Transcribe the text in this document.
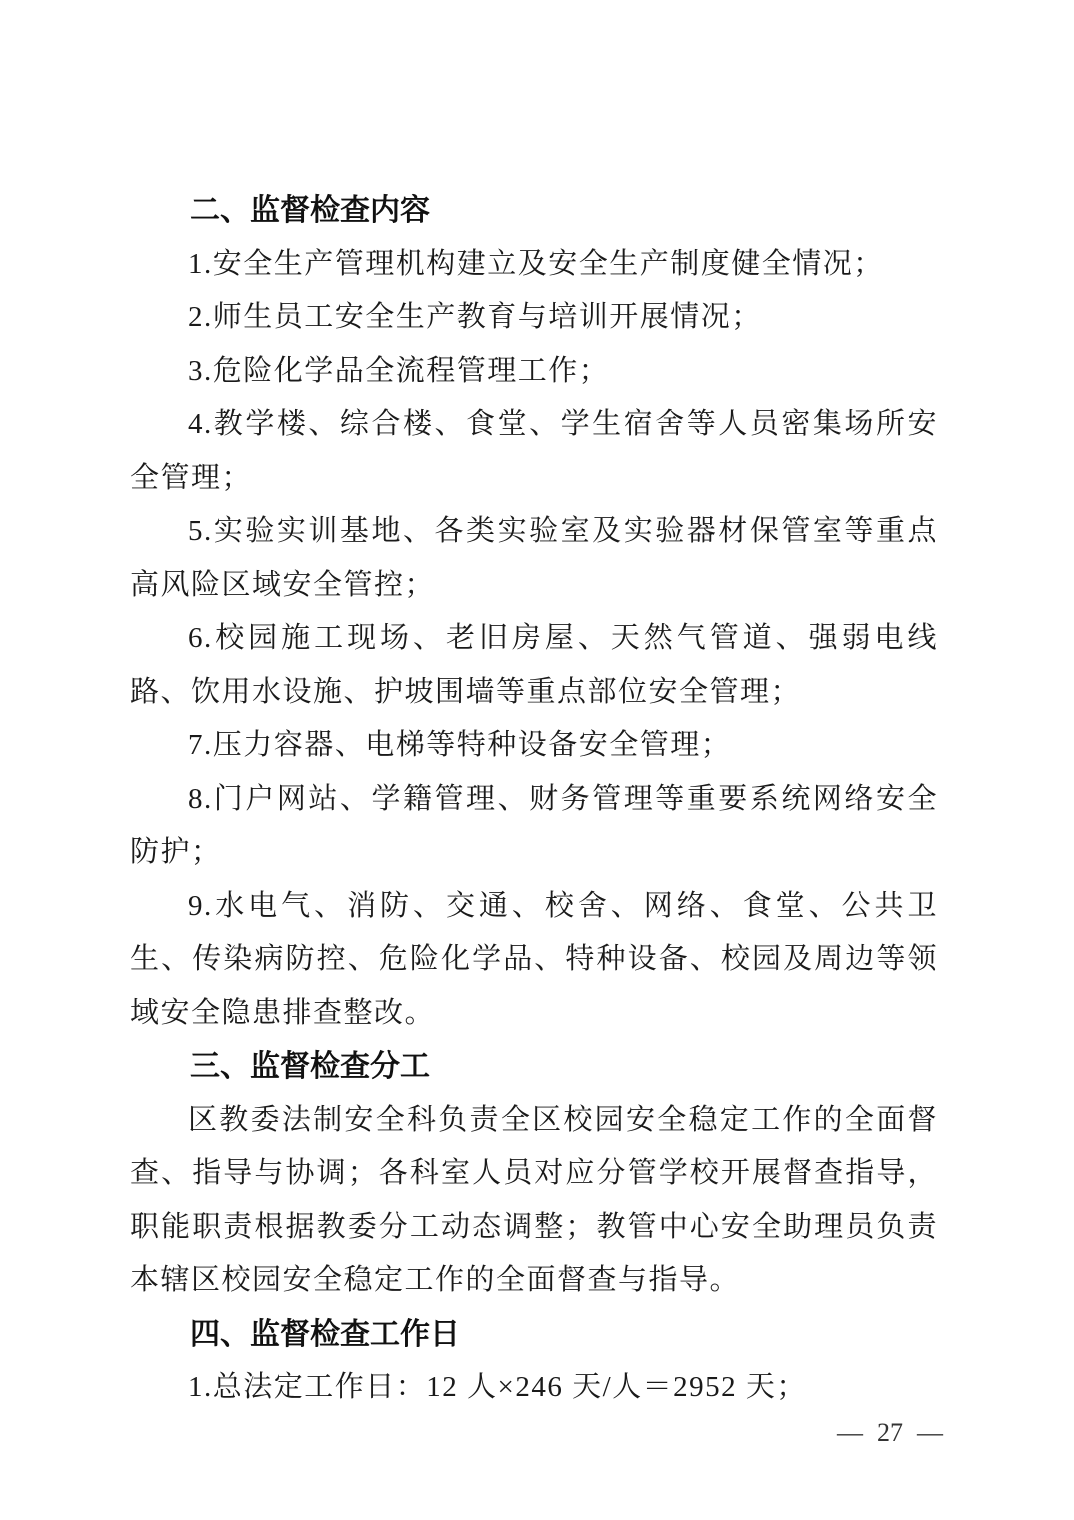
二、监督检查内容

1.安全生产管理机构建立及安全生产制度健全情况；

2.师生员工安全生产教育与培训开展情况；

3.危险化学品全流程管理工作；

4.教学楼、综合楼、食堂、学生宿舍等人员密集场所安全管理；

5.实验实训基地、各类实验室及实验器材保管室等重点高风险区域安全管控；

6.校园施工现场、老旧房屋、天然气管道、强弱电线路、饮用水设施、护坡围墙等重点部位安全管理；

7.压力容器、电梯等特种设备安全管理；

8.门户网站、学籍管理、财务管理等重要系统网络安全防护；

9.水电气、消防、交通、校舍、网络、食堂、公共卫生、传染病防控、危险化学品、特种设备、校园及周边等领域安全隐患排查整改。

三、监督检查分工

区教委法制安全科负责全区校园安全稳定工作的全面督查、指导与协调；各科室人员对应分管学校开展督查指导，职能职责根据教委分工动态调整；教管中心安全助理员负责本辖区校园安全稳定工作的全面督查与指导。

四、监督检查工作日

1.总法定工作日：12 人×246 天/人＝2952 天；

— 27 —
